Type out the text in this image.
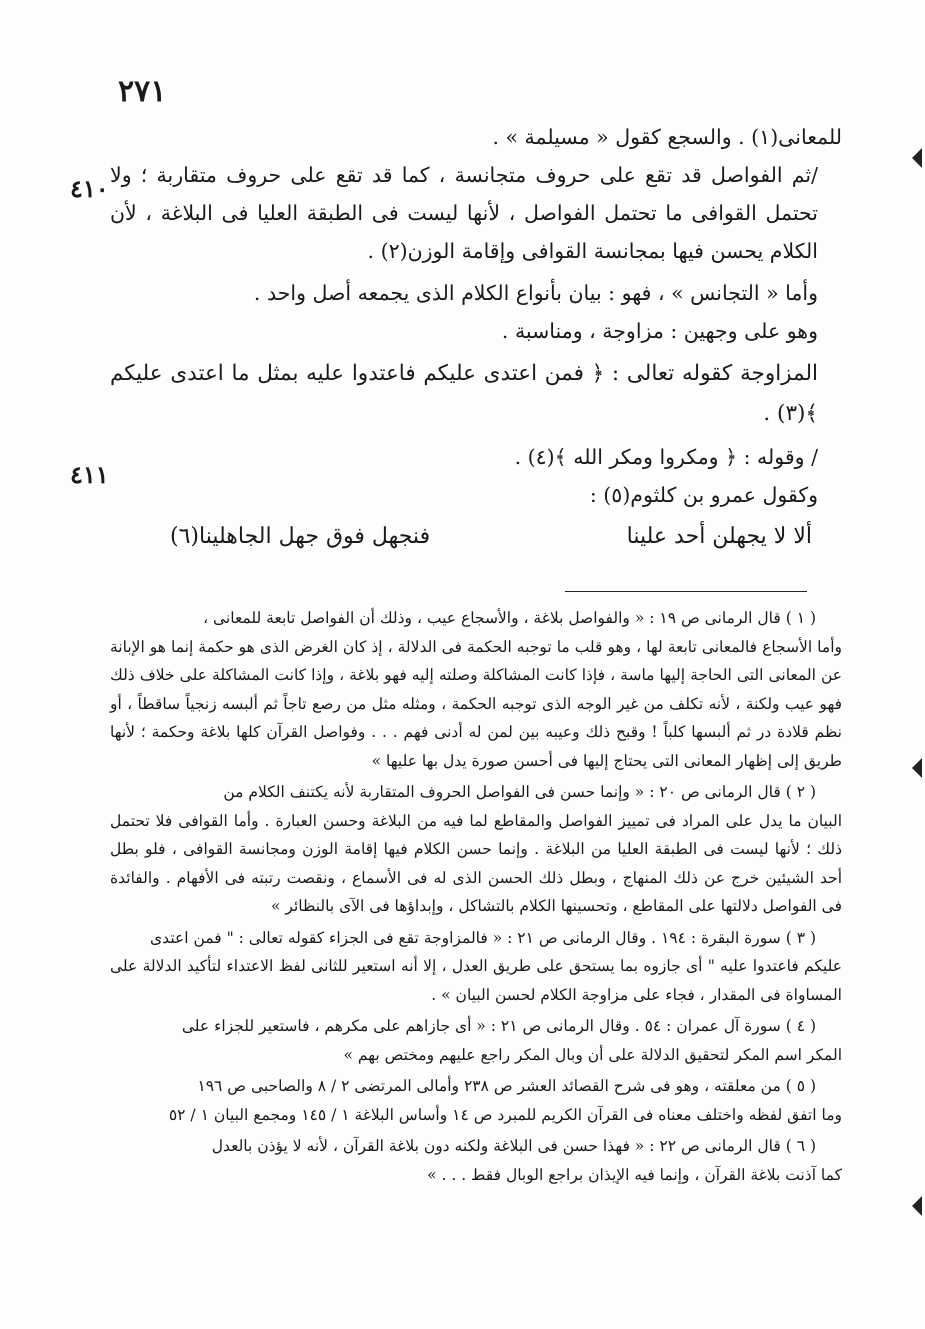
٢٧١
٤١٠
٤١١

للمعانى(١) . والسجع كقول « مسيلمة » .

/ثم الفواصل قد تقع على حروف متجانسة ، كما قد تقع على حروف متقاربة ؛ ولا تحتمل القوافى ما تحتمل الفواصل ، لأنها ليست فى الطبقة العليا فى البلاغة ، لأن الكلام يحسن فيها بمجانسة القوافى وإقامة الوزن(٢) .

وأما « التجانس » ، فهو : بيان بأنواع الكلام الذى يجمعه أصل واحد .

وهو على وجهين : مزاوجة ، ومناسبة .

المزاوجة كقوله تعالى : ﴿ فمن اعتدى عليكم فاعتدوا عليه بمثل ما اعتدى عليكم ﴾(٣) .

/ وقوله : ﴿ ومكروا ومكر الله ﴾(٤) .

وكقول عمرو بن كلثوم(٥) :

ألا لا يجهلن أحد علينا
فنجهل فوق جهل الجاهلينا(٦)
( ١ ) قال الرمانى ص ١٩ : « والفواصل بلاغة ، والأسجاع عيب ، وذلك أن الفواصل تابعة للمعانى ،
وأما الأسجاع فالمعانى تابعة لها ، وهو قلب ما توجبه الحكمة فى الدلالة ، إذ كان الغرض الذى هو حكمة إنما هو الإبانة عن المعانى التى الحاجة إليها ماسة ، فإذا كانت المشاكلة وصلته إليه فهو بلاغة ، وإذا كانت المشاكلة على خلاف ذلك فهو عيب ولكنة ، لأنه تكلف من غير الوجه الذى توجبه الحكمة ، ومثله مثل من رصع تاجاً ثم ألبسه زنجياً ساقطاً ، أو نظم قلادة در ثم ألبسها كلباً ! وقبح ذلك وعيبه بين لمن له أدنى فهم . . . وفواصل القرآن كلها بلاغة وحكمة ؛ لأنها طريق إلى إظهار المعانى التى يحتاج إليها فى أحسن صورة يدل بها عليها »
( ٢ ) قال الرمانى ص ٢٠ : « وإنما حسن فى الفواصل الحروف المتقاربة لأنه يكتنف الكلام من
البيان ما يدل على المراد فى تمييز الفواصل والمقاطع لما فيه من البلاغة وحسن العبارة . وأما القوافى فلا تحتمل ذلك ؛ لأنها ليست فى الطبقة العليا من البلاغة . وإنما حسن الكلام فيها إقامة الوزن ومجانسة القوافى ، فلو بطل أحد الشيئين خرج عن ذلك المنهاج ، وبطل ذلك الحسن الذى له فى الأسماع ، ونقصت رتبته فى الأفهام . والفائدة فى الفواصل دلالتها على المقاطع ، وتحسينها الكلام بالتشاكل ، وإبداؤها فى الآى بالنظائر »
( ٣ ) سورة البقرة : ١٩٤ . وقال الرمانى ص ٢١ : « فالمزاوجة تقع فى الجزاء كقوله تعالى : " فمن اعتدى
عليكم فاعتدوا عليه " أى جازوه بما يستحق على طريق العدل ، إلا أنه استعير للثانى لفظ الاعتداء لتأكيد الدلالة على المساواة فى المقدار ، فجاء على مزاوجة الكلام لحسن البيان » .
( ٤ ) سورة آل عمران : ٥٤ . وقال الرمانى ص ٢١ : « أى جازاهم على مكرهم ، فاستعير للجزاء على
المكر اسم المكر لتحقيق الدلالة على أن وبال المكر راجع عليهم ومختص بهم »
( ٥ ) من معلقته ، وهو فى شرح القصائد العشر ص ٢٣٨ وأمالى المرتضى ٢ / ٨ والصاحبى ص ١٩٦
وما اتفق لفظه واختلف معناه فى القرآن الكريم للمبرد ص ١٤ وأساس البلاغة ١ / ١٤٥ ومجمع البيان ١ / ٥٢
( ٦ ) قال الرمانى ص ٢٢ : « فهذا حسن فى البلاغة ولكنه دون بلاغة القرآن ، لأنه لا يؤذن بالعدل
كما آذنت بلاغة القرآن ، وإنما فيه الإيذان براجع الوبال فقط . . . »
